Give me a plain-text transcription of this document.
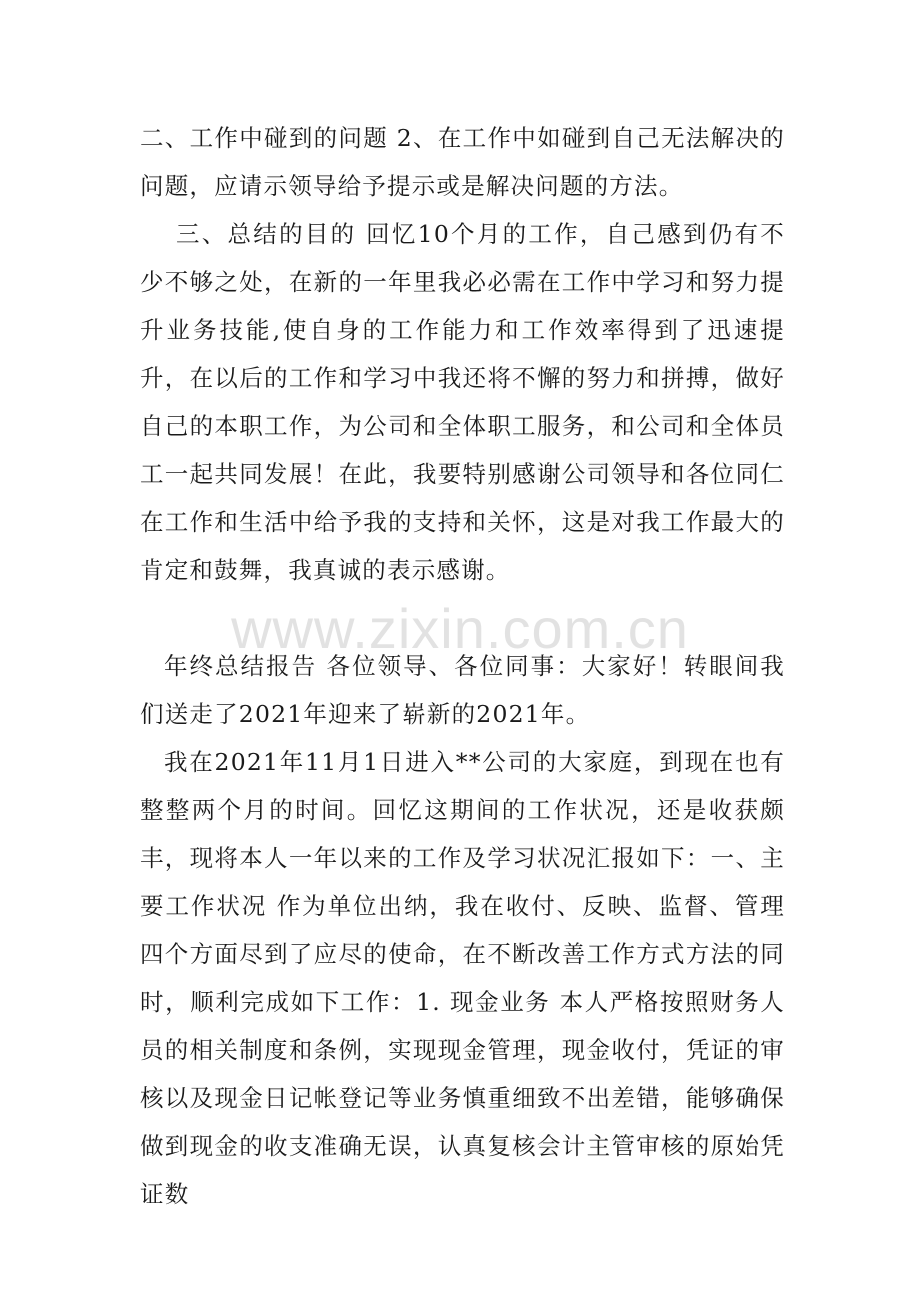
二、工作中碰到的问题 2、在工作中如碰到自己无法解决的问题，应请示领导给予提示或是解决问题的方法。

三、总结的目的 回忆10个月的工作，自己感到仍有不少不够之处，在新的一年里我必必需在工作中学习和努力提升业务技能,使自身的工作能力和工作效率得到了迅速提升，在以后的工作和学习中我还将不懈的努力和拼搏，做好自己的本职工作，为公司和全体职工服务，和公司和全体员工一起共同发展！在此，我要特别感谢公司领导和各位同仁在工作和生活中给予我的支持和关怀，这是对我工作最大的肯定和鼓舞，我真诚的表示感谢。

www.zixin.com.cn

年终总结报告 各位领导、各位同事：大家好！转眼间我们送走了2021年迎来了崭新的2021年。

我在2021年11月1日进入**公司的大家庭，到现在也有整整两个月的时间。回忆这期间的工作状况，还是收获颇丰，现将本人一年以来的工作及学习状况汇报如下：一、主要工作状况 作为单位出纳，我在收付、反映、监督、管理四个方面尽到了应尽的使命，在不断改善工作方式方法的同时，顺利完成如下工作：1. 现金业务 本人严格按照财务人员的相关制度和条例，实现现金管理，现金收付，凭证的审核以及现金日记帐登记等业务慎重细致不出差错，能够确保做到现金的收支准确无误，认真复核会计主管审核的原始凭证数
